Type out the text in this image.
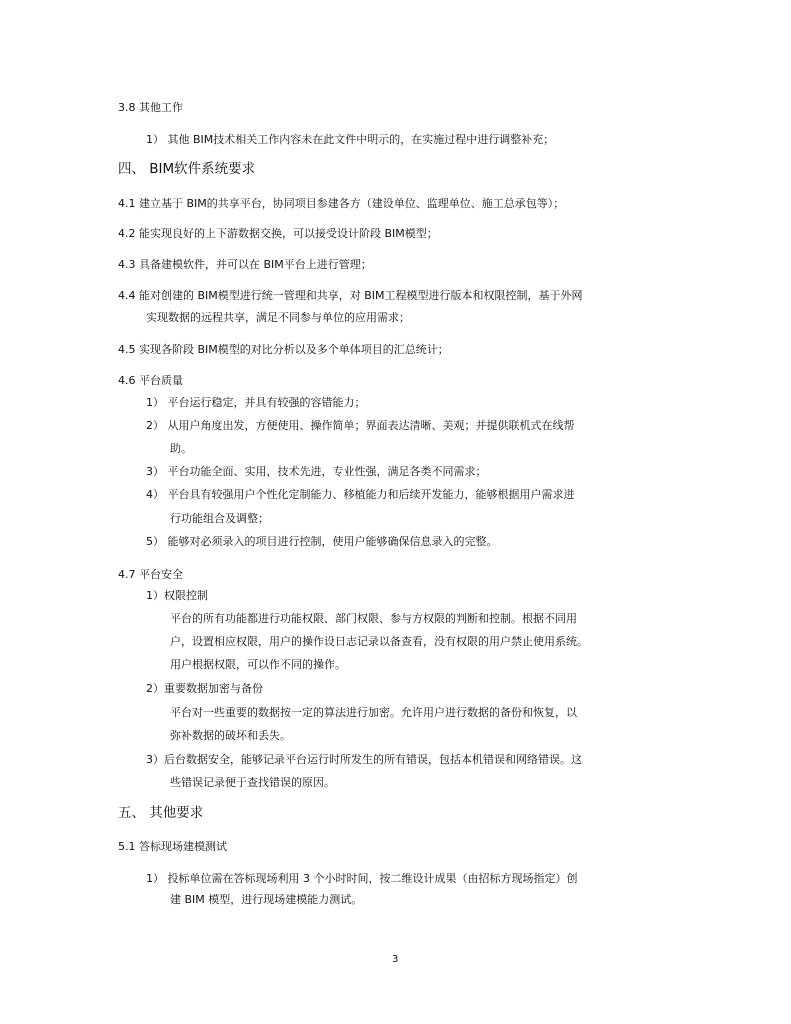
3.8 其他工作
1） 其他 BIM技术相关工作内容未在此文件中明示的，在实施过程中进行调整补充；
四、 BIM软件系统要求
4.1 建立基于 BIM的共享平台，协同项目参建各方（建设单位、监理单位、施工总承包等）；
4.2 能实现良好的上下游数据交换，可以接受设计阶段 BIM模型；
4.3 具备建模软件，并可以在 BIM平台上进行管理；
4.4 能对创建的 BIM模型进行统一管理和共享，对 BIM工程模型进行版本和权限控制，基于外网
实现数据的远程共享，满足不同参与单位的应用需求；
4.5 实现各阶段 BIM模型的对比分析以及多个单体项目的汇总统计；
4.6 平台质量
1） 平台运行稳定，并具有较强的容错能力；
2） 从用户角度出发，方便使用、操作简单；界面表达清晰、美观；并提供联机式在线帮
助。
3） 平台功能全面、实用，技术先进，专业性强，满足各类不同需求；
4） 平台具有较强用户个性化定制能力、移植能力和后续开发能力，能够根据用户需求进
行功能组合及调整；
5） 能够对必须录入的项目进行控制，使用户能够确保信息录入的完整。
4.7 平台安全
1）权限控制
平台的所有功能都进行功能权限、部门权限、参与方权限的判断和控制。根据不同用
户，设置相应权限，用户的操作设日志记录以备查看，没有权限的用户禁止使用系统。
用户根据权限，可以作不同的操作。
2）重要数据加密与备份
平台对一些重要的数据按一定的算法进行加密。允许用户进行数据的备份和恢复，以
弥补数据的破坏和丢失。
3）后台数据安全，能够记录平台运行时所发生的所有错误，包括本机错误和网络错误。这
些错误记录便于查找错误的原因。
五、 其他要求
5.1 答标现场建模测试
1） 投标单位需在答标现场利用 3 个小时时间，按二维设计成果（由招标方现场指定）创
建 BIM 模型，进行现场建模能力测试。
3
